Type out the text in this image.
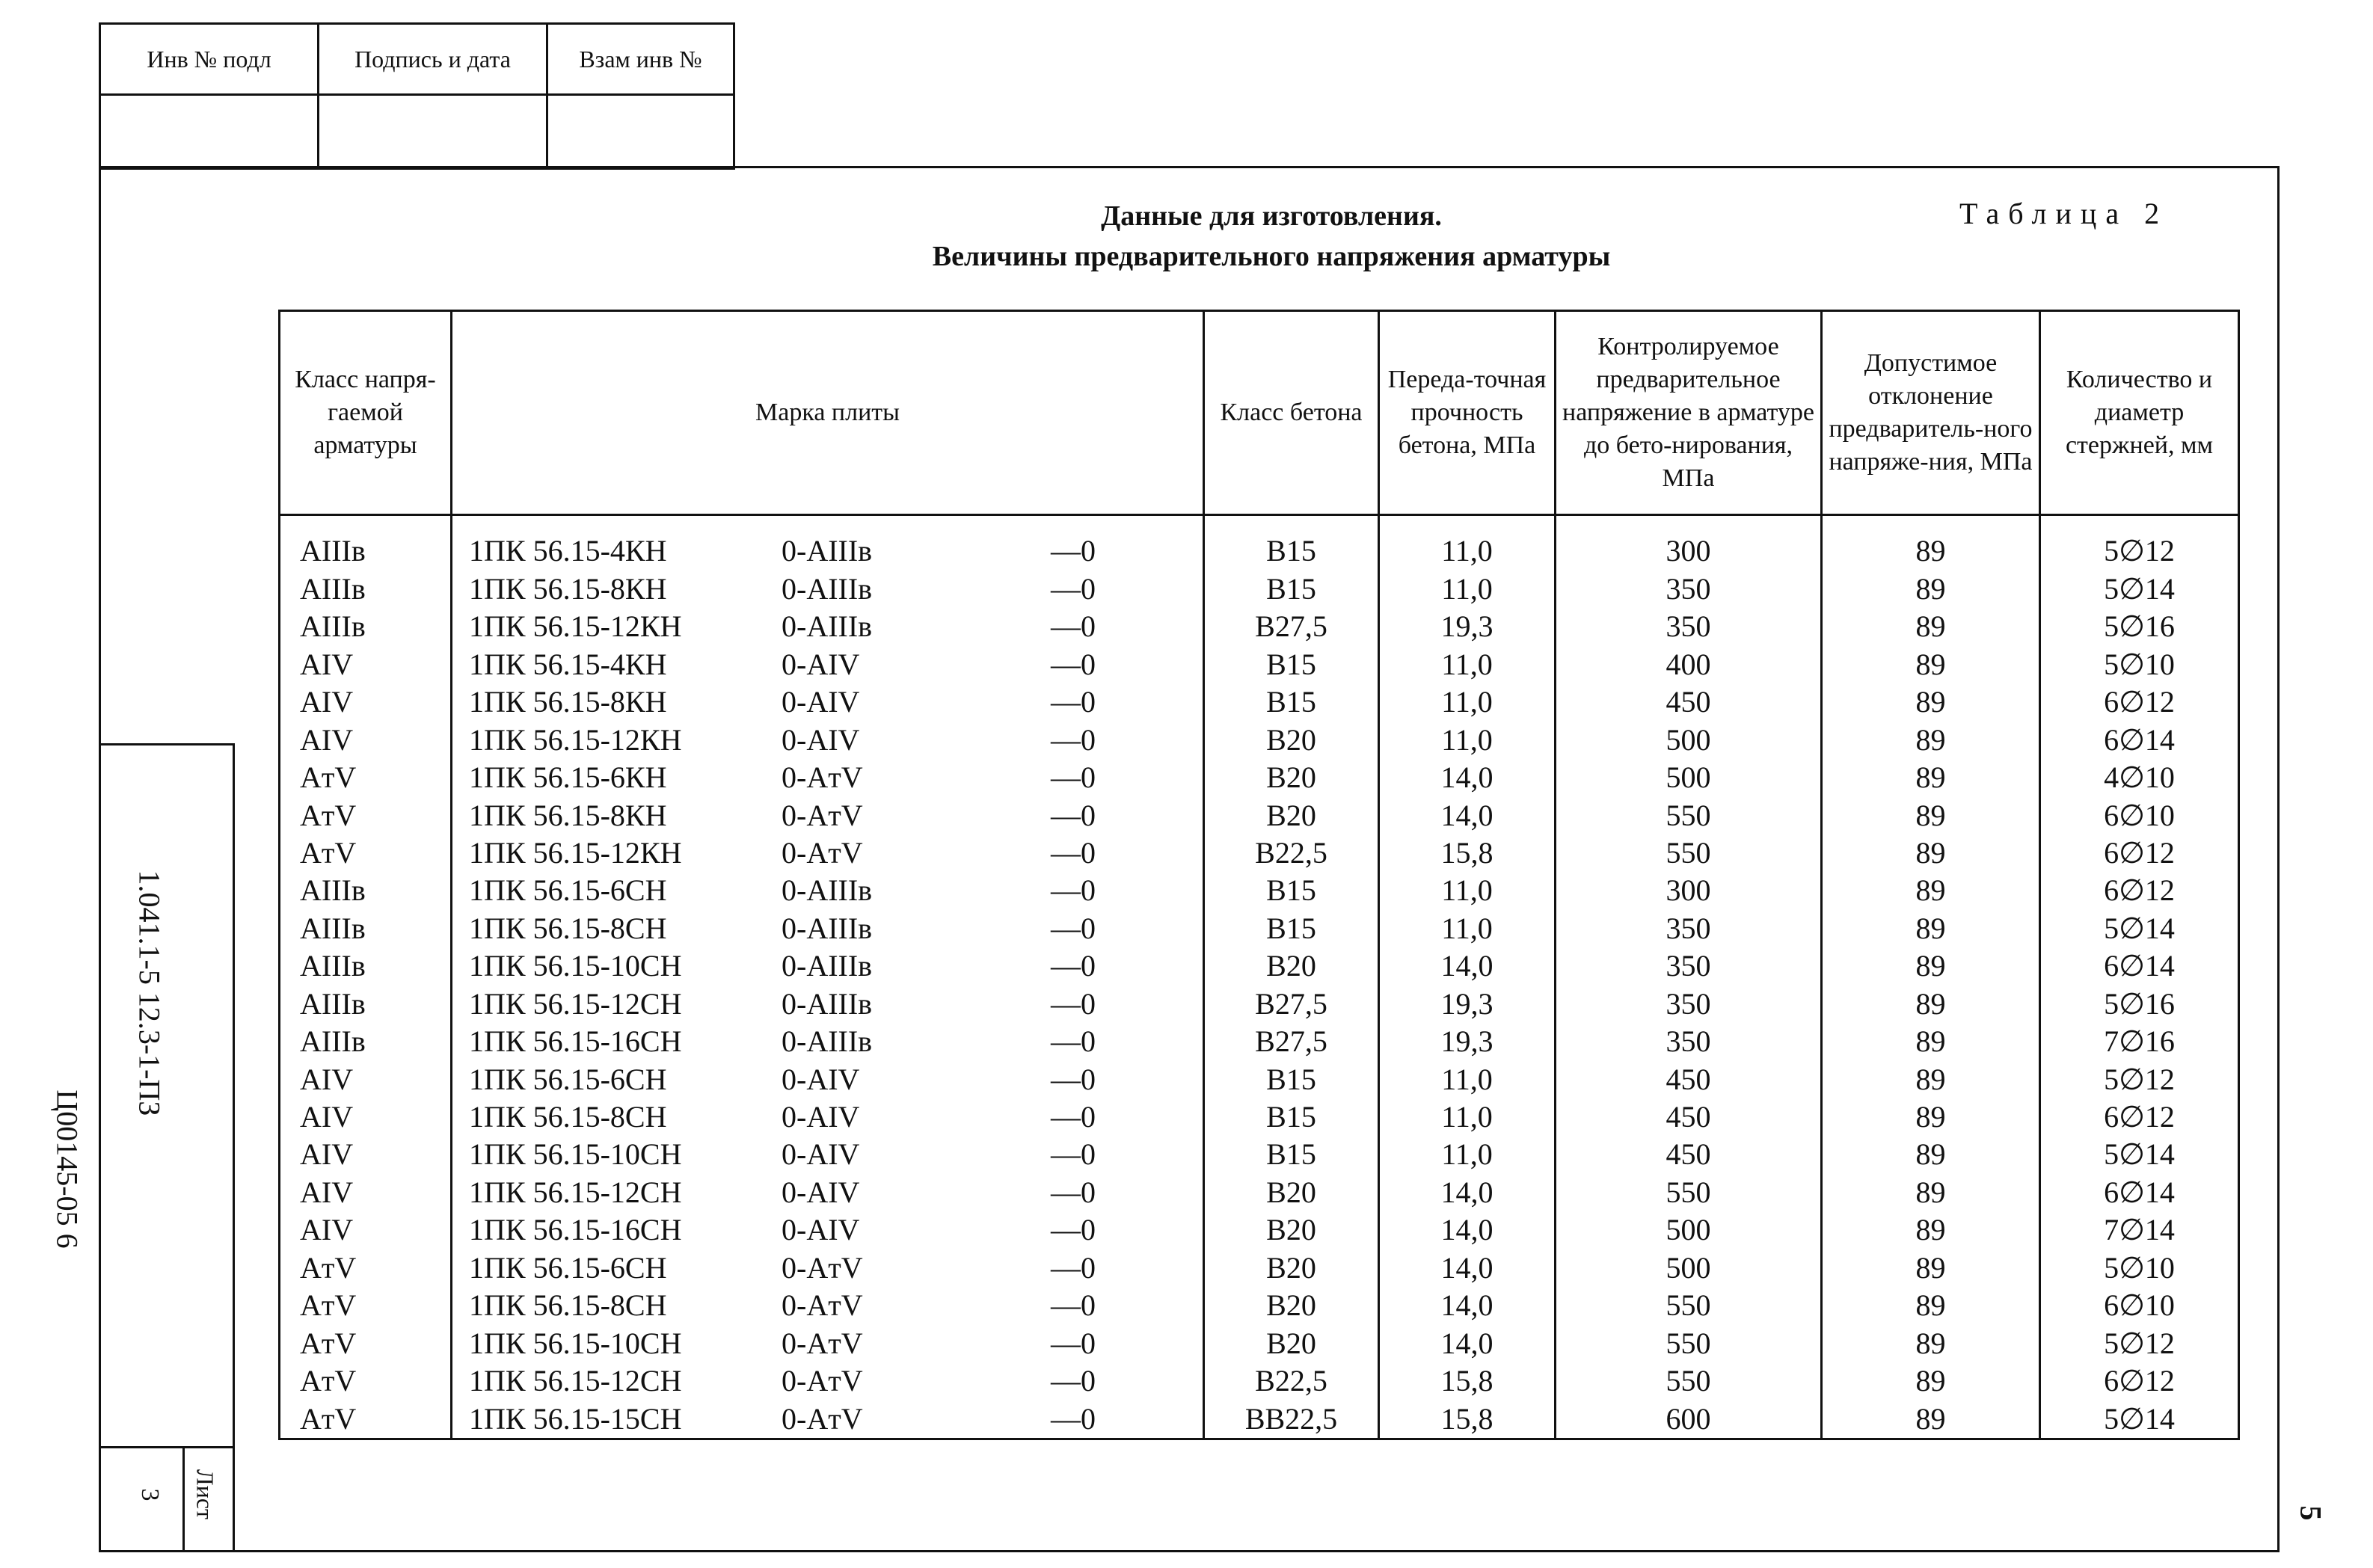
Инв № подл	Подпись и дата	Взам инв №

Данные для изготовления.
Величины предварительного напряжения арматуры
Таблица 2
Класс напря-гаемой арматуры	Марка плиты	Класс бетона	Переда-точная прочность бетона, МПа	Контролируемое предварительное напряжение в арматуре до бето-нирования, МПа	Допустимое отклонение предваритель-ного напряже-ния, МПа	Количество и диаметр стержней, мм
AIIIв	1ПК 56.15-4КН 0-AIIIв —0	B15	11,0	300	89	5∅12
AIIIв	1ПК 56.15-8КН 0-AIIIв —0	B15	11,0	350	89	5∅14
AIIIв	1ПК 56.15-12КН 0-AIIIв —0	B27,5	19,3	350	89	5∅16
AIV	1ПК 56.15-4КН 0-AIV —0	B15	11,0	400	89	5∅10
AIV	1ПК 56.15-8КН 0-AIV —0	B15	11,0	450	89	6∅12
AIV	1ПК 56.15-12КН 0-AIV —0	B20	11,0	500	89	6∅14
AтV	1ПК 56.15-6КН 0-AтV —0	B20	14,0	500	89	4∅10
AтV	1ПК 56.15-8КН 0-AтV —0	B20	14,0	550	89	6∅10
AтV	1ПК 56.15-12КН 0-AтV —0	B22,5	15,8	550	89	6∅12
AIIIв	1ПК 56.15-6СН 0-AIIIв —0	B15	11,0	300	89	6∅12
AIIIв	1ПК 56.15-8СН 0-AIIIв —0	B15	11,0	350	89	5∅14
AIIIв	1ПК 56.15-10СН 0-AIIIв —0	B20	14,0	350	89	6∅14
AIIIв	1ПК 56.15-12СН 0-AIIIв —0	B27,5	19,3	350	89	5∅16
AIIIв	1ПК 56.15-16СН 0-AIIIв —0	B27,5	19,3	350	89	7∅16
AIV	1ПК 56.15-6СН 0-AIV —0	B15	11,0	450	89	5∅12
AIV	1ПК 56.15-8СН 0-AIV —0	B15	11,0	450	89	6∅12
AIV	1ПК 56.15-10СН 0-AIV —0	B15	11,0	450	89	5∅14
AIV	1ПК 56.15-12СН 0-AIV —0	B20	14,0	550	89	6∅14
AIV	1ПК 56.15-16СН 0-AIV —0	B20	14,0	500	89	7∅14
AтV	1ПК 56.15-6СН 0-AтV —0	B20	14,0	500	89	5∅10
AтV	1ПК 56.15-8СН 0-AтV —0	B20	14,0	550	89	6∅10
AтV	1ПК 56.15-10СН 0-AтV —0	B20	14,0	550	89	5∅12
AтV	1ПК 56.15-12СН 0-AтV —0	B22,5	15,8	550	89	6∅12
AтV	1ПК 56.15-15СН 0-AтV —0	BB22,5	15,8	600	89	5∅14
1.041.1-5 12.3-1-ПЗ
Ц00145-05 6
Лист
3
5
